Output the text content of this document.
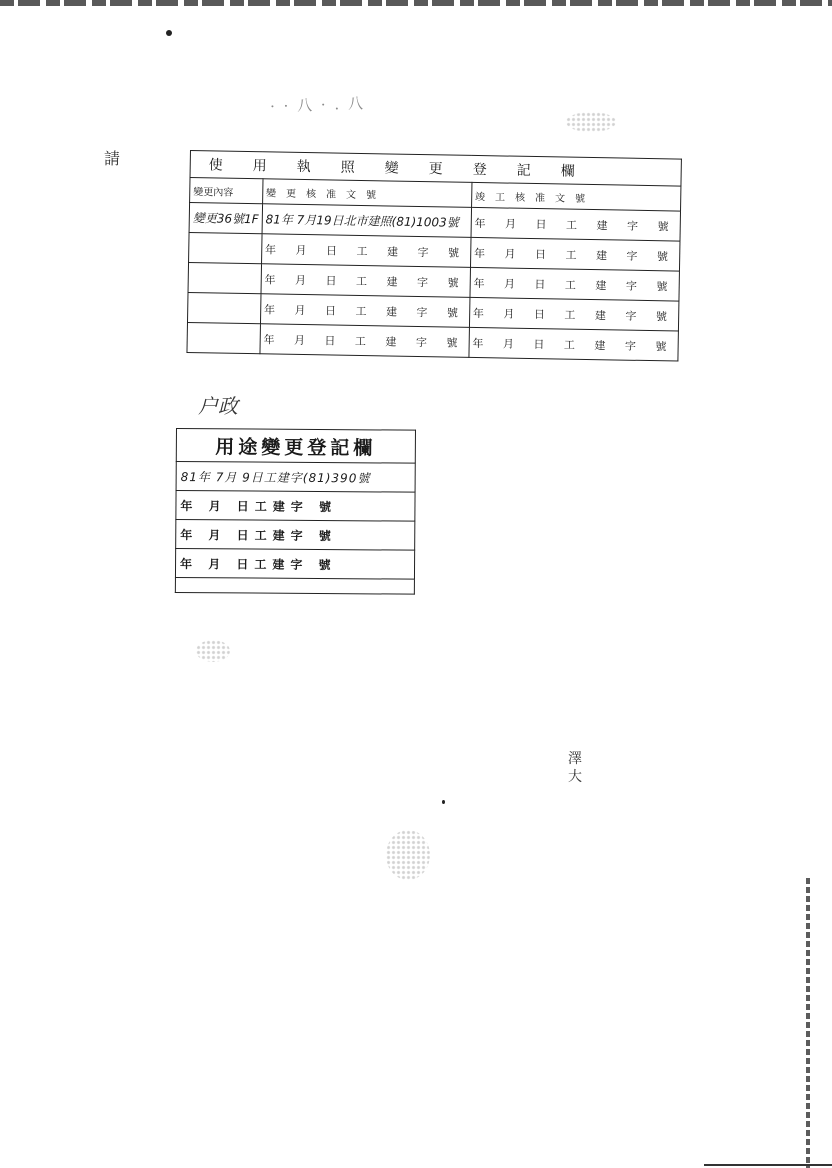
· · 八 · . 八
請	使用執照變更登記欄		
變更內容	變更核准文號	竣工核准文號
變更36號1F	81年 7月19日北市建照(81)1003號	年 月 日 工 建 字 號
	年 月 日 工 建 字 號	年 月 日 工 建 字 號
	年 月 日 工 建 字 號	年 月 日 工 建 字 號
	年 月 日 工 建 字 號	年 月 日 工 建 字 號
	年 月 日 工 建 字 號	年 月 日 工 建 字 號
户政
用途變更登記欄
81年 7月 9日工建字(81)390號
年 月 日工建字 號
年 月 日工建字 號
年 月 日工建字 號

澤
大
